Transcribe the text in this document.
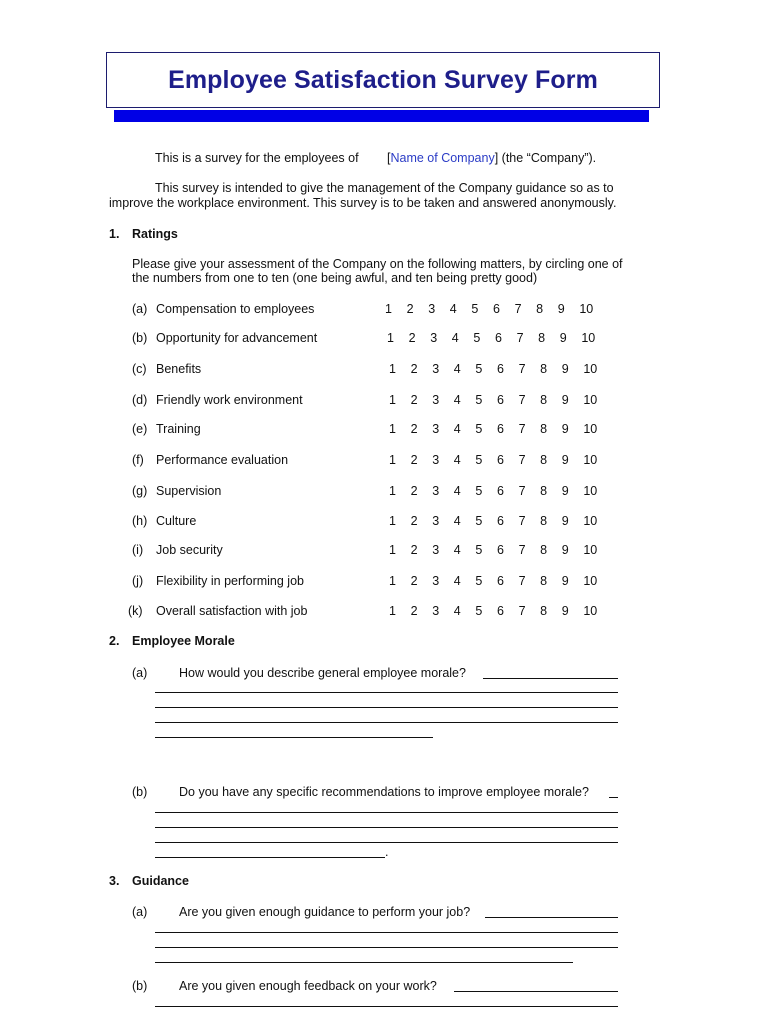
Employee Satisfaction Survey Form
This is a survey for the employees of [Name of Company] (the “Company”).
This survey is intended to give the management of the Company guidance so as to
improve the workplace environment. This survey is to be taken and answered anonymously.
1. Ratings
Please give your assessment of the Company on the following matters, by circling one of
the numbers from one to ten (one being awful, and ten being pretty good)
(a) Compensation to employees	1	2	3	4	5	6	7	8	9	10
(b) Opportunity for advancement	1	2	3	4	5	6	7	8	9	10
(c) Benefits	1	2	3	4	5	6	7	8	9	10
(d) Friendly work environment	1	2	3	4	5	6	7	8	9	10
(e) Training	1	2	3	4	5	6	7	8	9	10
(f) Performance evaluation	1	2	3	4	5	6	7	8	9	10
(g) Supervision	1	2	3	4	5	6	7	8	9	10
(h) Culture	1	2	3	4	5	6	7	8	9	10
(i) Job security	1	2	3	4	5	6	7	8	9	10
(j) Flexibility in performing job	1	2	3	4	5	6	7	8	9	10
(k) Overall satisfaction with job	1	2	3	4	5	6	7	8	9	10
2. Employee Morale
(a)	How would you describe general employee morale?
(b)	Do you have any specific recommendations to improve employee morale?
.
3. Guidance
(a)	Are you given enough guidance to perform your job?
(b)	Are you given enough feedback on your work?
